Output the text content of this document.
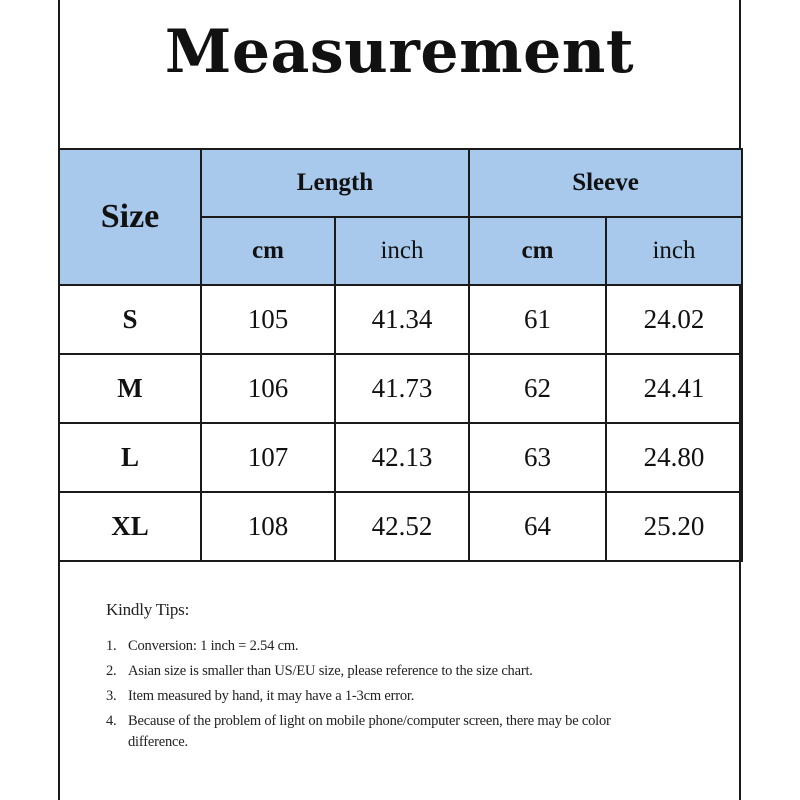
Measurement
Size	Length		Sleeve	
	cm	inch	cm	inch
S	105	41.34	61	24.02
M	106	41.73	62	24.41
L	107	42.13	63	24.80
XL	108	42.52	64	25.20
Kindly Tips:
1. Conversion: 1 inch = 2.54 cm.
2. Asian size is smaller than US/EU size, please reference to the size chart.
3. Item measured by hand, it may have a 1-3cm error.
4. Because of the problem of light on mobile phone/computer screen, there may be color difference.
